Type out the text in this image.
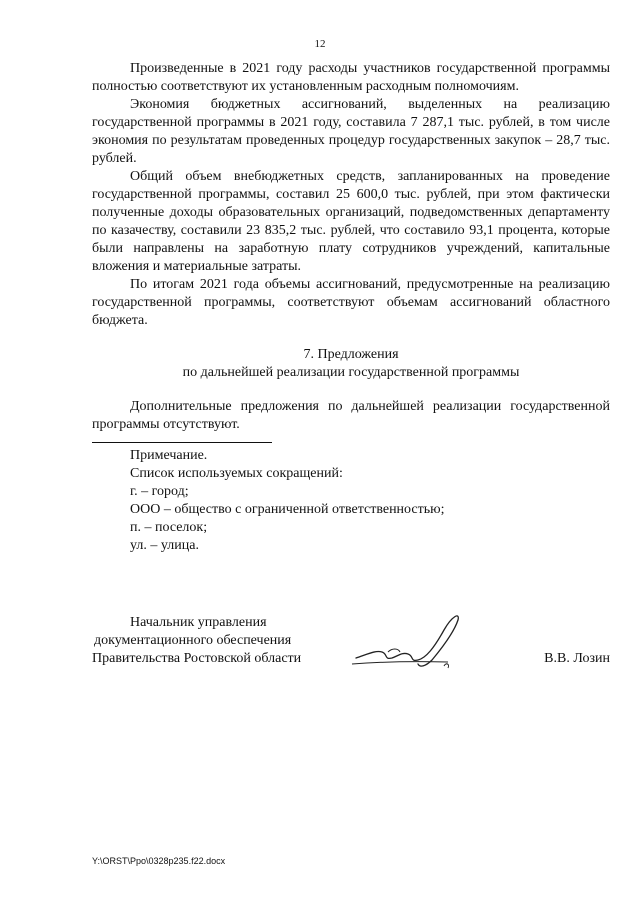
12

Произведенные в 2021 году расходы участников государственной программы полностью соответствуют их установленным расходным полномочиям.

Экономия бюджетных ассигнований, выделенных на реализацию государственной программы в 2021 году, составила 7 287,1 тыс. рублей, в том числе экономия по результатам проведенных процедур государственных закупок – 28,7 тыс. рублей.

Общий объем внебюджетных средств, запланированных на проведение государственной программы, составил 25 600,0 тыс. рублей, при этом фактически полученные доходы образовательных организаций, подведомственных департаменту по казачеству, составили 23 835,2 тыс. рублей, что составило 93,1 процента, которые были направлены на заработную плату сотрудников учреждений, капитальные вложения и материальные затраты.

По итогам 2021 года объемы ассигнований, предусмотренные на реализацию государственной программы, соответствуют объемам ассигнований областного бюджета.

7. Предложения

по дальнейшей реализации государственной программы

Дополнительные предложения по дальнейшей реализации государственной программы отсутствуют.

Примечание.

Список используемых сокращений:

г. – город;

ООО – общество с ограниченной ответственностью;

п. – поселок;

ул. – улица.

Начальник управления
документационного обеспечения
Правительства Ростовской области	В.В. Лозин
Y:\ORST\Ppo\0328p235.f22.docx
